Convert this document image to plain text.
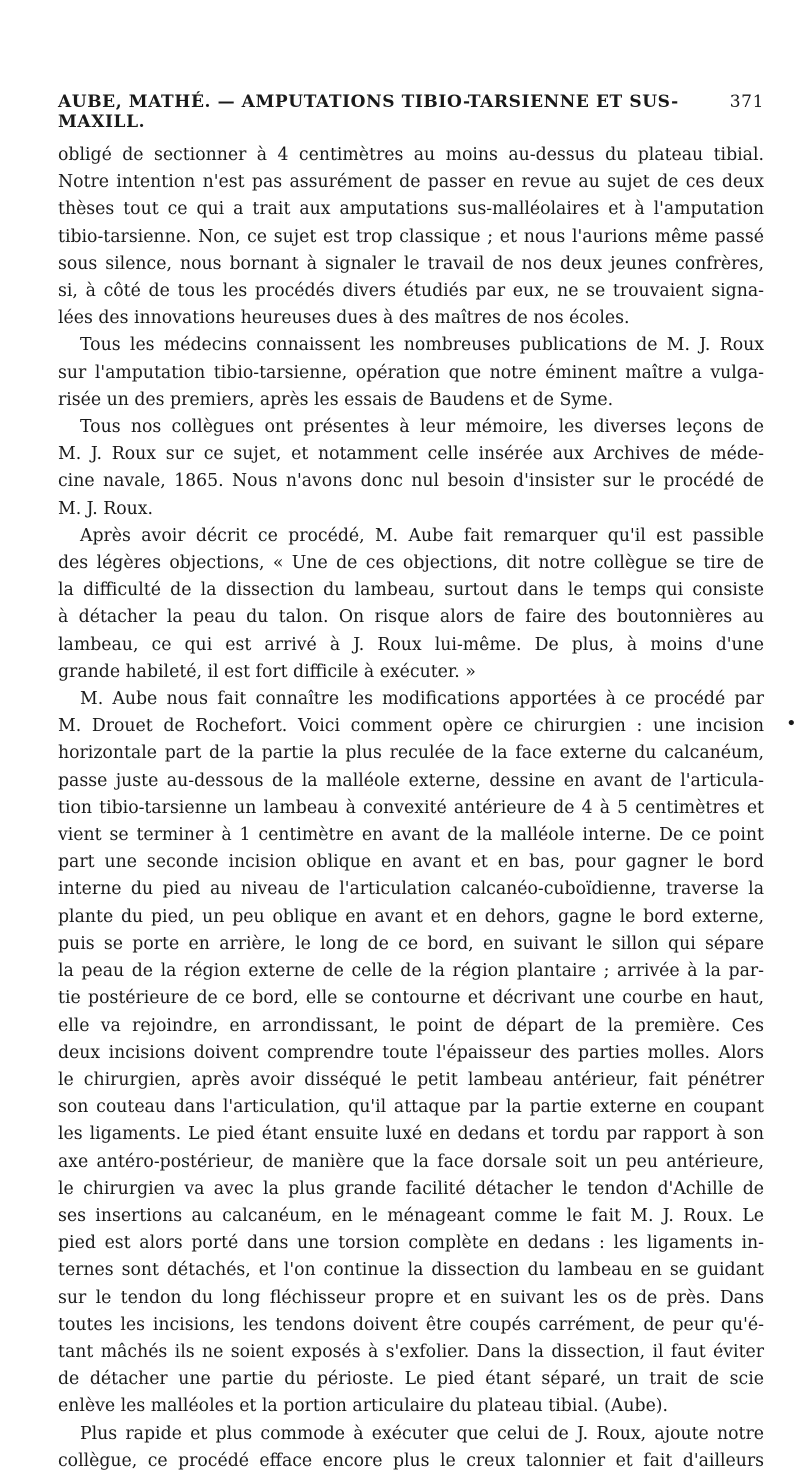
AUBE, MATHÉ. — AMPUTATIONS TIBIO-TARSIENNE ET SUS-MAXILL.
371
obligé de sectionner à 4 centimètres au moins au-dessus du plateau tibial.
Notre intention n'est pas assurément de passer en revue au sujet de ces deux
thèses tout ce qui a trait aux amputations sus-malléolaires et à l'amputation
tibio-tarsienne. Non, ce sujet est trop classique ; et nous l'aurions même passé
sous silence, nous bornant à signaler le travail de nos deux jeunes confrères,
si, à côté de tous les procédés divers étudiés par eux, ne se trouvaient signa-
lées des innovations heureuses dues à des maîtres de nos écoles.
Tous les médecins connaissent les nombreuses publications de M. J. Roux
sur l'amputation tibio-tarsienne, opération que notre éminent maître a vulga-
risée un des premiers, après les essais de Baudens et de Syme.
Tous nos collègues ont présentes à leur mémoire, les diverses leçons de
M. J. Roux sur ce sujet, et notamment celle insérée aux Archives de méde-
cine navale, 1865. Nous n'avons donc nul besoin d'insister sur le procédé de
M. J. Roux.
Après avoir décrit ce procédé, M. Aube fait remarquer qu'il est passible
des légères objections, « Une de ces objections, dit notre collègue se tire de
la difficulté de la dissection du lambeau, surtout dans le temps qui consiste
à détacher la peau du talon. On risque alors de faire des boutonnières au
lambeau, ce qui est arrivé à J. Roux lui-même. De plus, à moins d'une
grande habileté, il est fort difficile à exécuter. »
M. Aube nous fait connaître les modifications apportées à ce procédé par
M. Drouet de Rochefort. Voici comment opère ce chirurgien : une incision
horizontale part de la partie la plus reculée de la face externe du calcanéum,
passe juste au-dessous de la malléole externe, dessine en avant de l'articula-
tion tibio-tarsienne un lambeau à convexité antérieure de 4 à 5 centimètres et
vient se terminer à 1 centimètre en avant de la malléole interne. De ce point
part une seconde incision oblique en avant et en bas, pour gagner le bord
interne du pied au niveau de l'articulation calcanéo-cuboïdienne, traverse la
plante du pied, un peu oblique en avant et en dehors, gagne le bord externe,
puis se porte en arrière, le long de ce bord, en suivant le sillon qui sépare
la peau de la région externe de celle de la région plantaire ; arrivée à la par-
tie postérieure de ce bord, elle se contourne et décrivant une courbe en haut,
elle va rejoindre, en arrondissant, le point de départ de la première. Ces
deux incisions doivent comprendre toute l'épaisseur des parties molles. Alors
le chirurgien, après avoir disséqué le petit lambeau antérieur, fait pénétrer
son couteau dans l'articulation, qu'il attaque par la partie externe en coupant
les ligaments. Le pied étant ensuite luxé en dedans et tordu par rapport à son
axe antéro-postérieur, de manière que la face dorsale soit un peu antérieure,
le chirurgien va avec la plus grande facilité détacher le tendon d'Achille de
ses insertions au calcanéum, en le ménageant comme le fait M. J. Roux. Le
pied est alors porté dans une torsion complète en dedans : les ligaments in-
ternes sont détachés, et l'on continue la dissection du lambeau en se guidant
sur le tendon du long fléchisseur propre et en suivant les os de près. Dans
toutes les incisions, les tendons doivent être coupés carrément, de peur qu'é-
tant mâchés ils ne soient exposés à s'exfolier. Dans la dissection, il faut éviter
de détacher une partie du périoste. Le pied étant séparé, un trait de scie
enlève les malléoles et la portion articulaire du plateau tibial. (Aube).
Plus rapide et plus commode à exécuter que celui de J. Roux, ajoute notre
collègue, ce procédé efface encore plus le creux talonnier et fait d'ailleurs
•
